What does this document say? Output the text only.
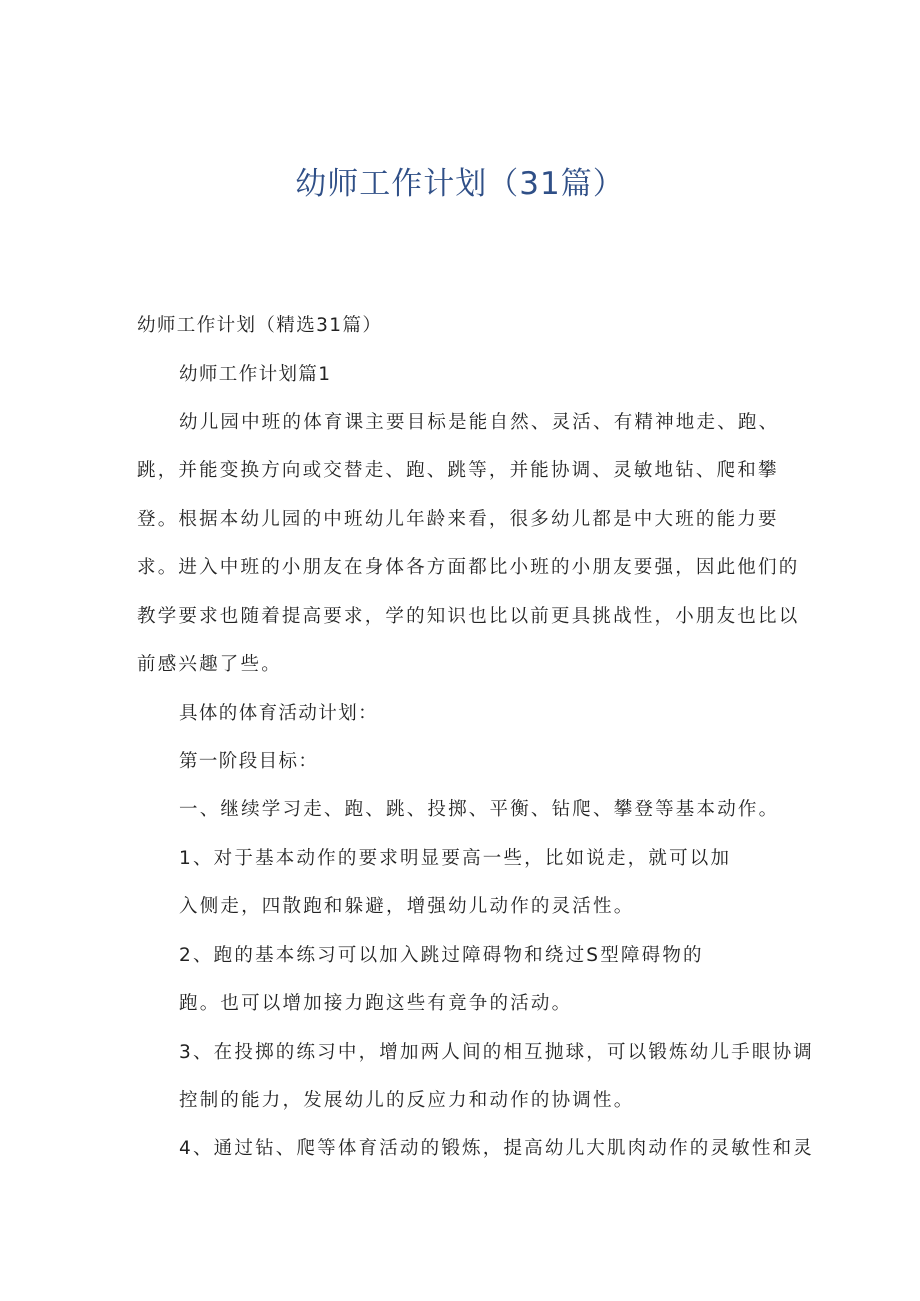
幼师工作计划（31篇）
幼师工作计划（精选31篇）
幼师工作计划篇1
幼儿园中班的体育课主要目标是能自然、灵活、有精神地走、跑、
跳，并能变换方向或交替走、跑、跳等，并能协调、灵敏地钻、爬和攀
登。根据本幼儿园的中班幼儿年龄来看，很多幼儿都是中大班的能力要
求。进入中班的小朋友在身体各方面都比小班的小朋友要强，因此他们的
教学要求也随着提高要求，学的知识也比以前更具挑战性，小朋友也比以
前感兴趣了些。
具体的体育活动计划：
第一阶段目标：
一、继续学习走、跑、跳、投掷、平衡、钻爬、攀登等基本动作。
1、对于基本动作的要求明显要高一些，比如说走，就可以加
入侧走，四散跑和躲避，增强幼儿动作的灵活性。
2、跑的基本练习可以加入跳过障碍物和绕过S型障碍物的
跑。也可以增加接力跑这些有竟争的活动。
3、在投掷的练习中，增加两人间的相互抛球，可以锻炼幼儿手眼协调
控制的能力，发展幼儿的反应力和动作的协调性。
4、通过钻、爬等体育活动的锻炼，提高幼儿大肌肉动作的灵敏性和灵
